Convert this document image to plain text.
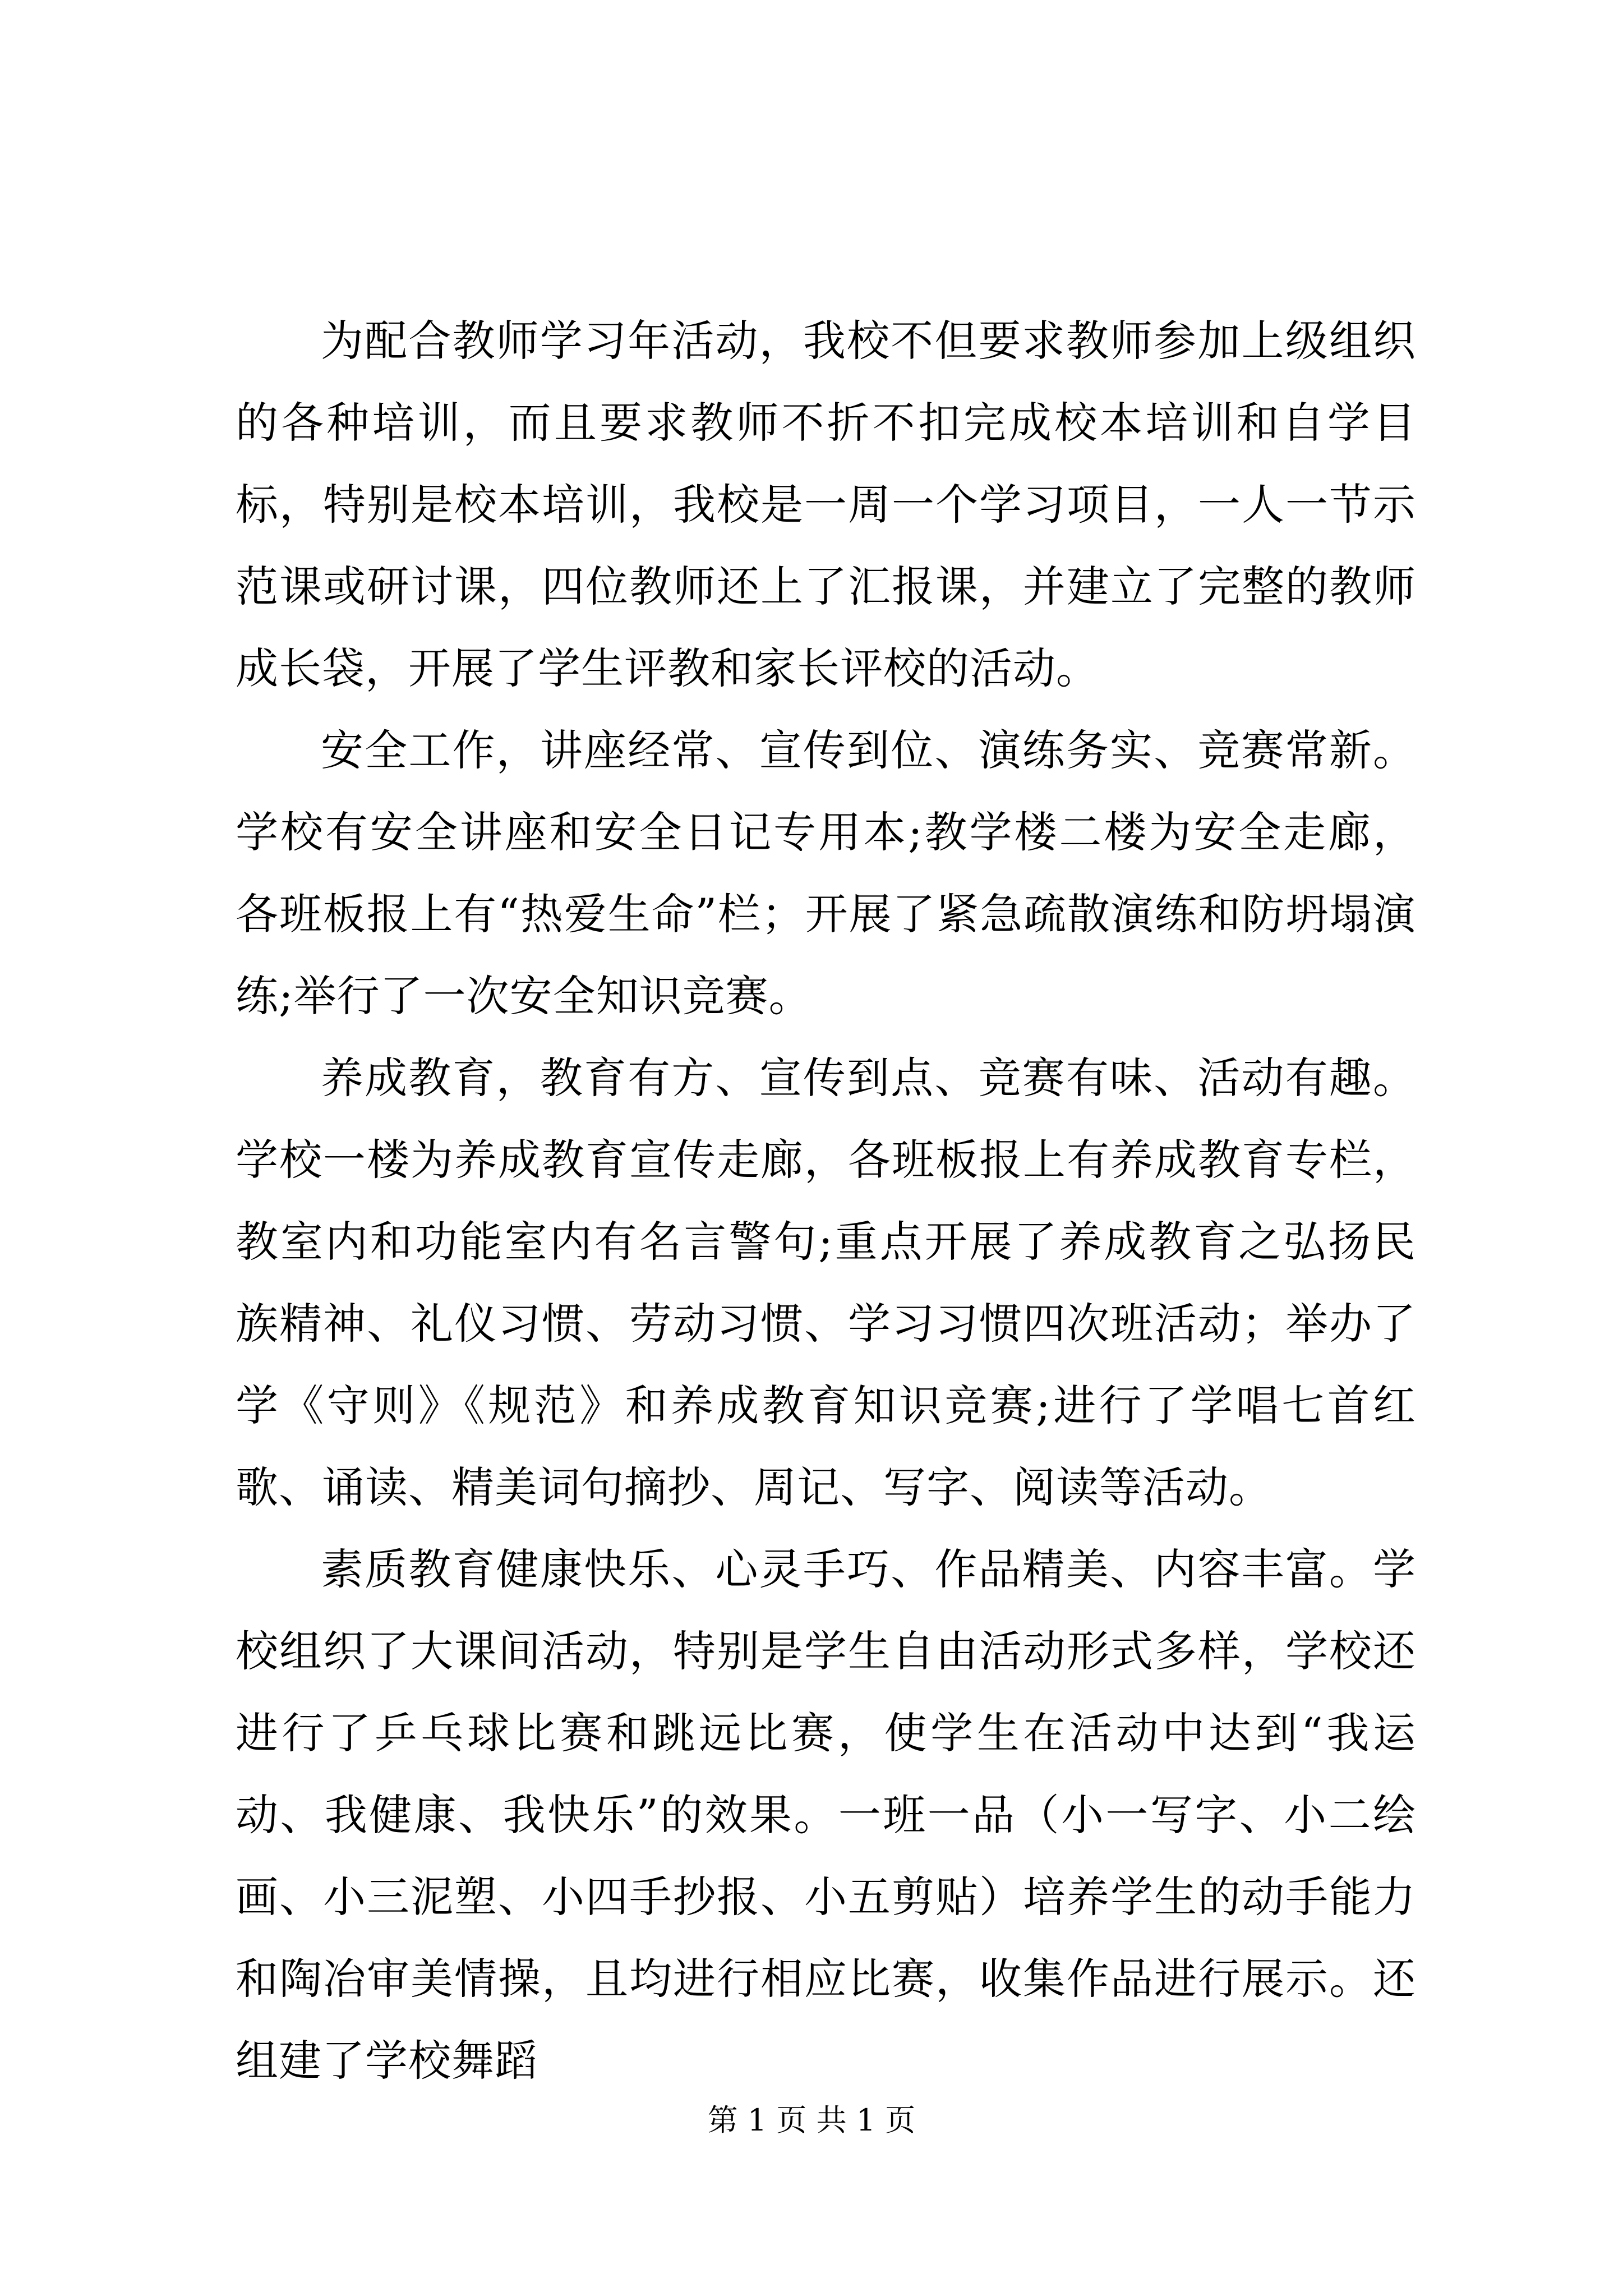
为配合教师学习年活动，我校不但要求教师参加上级组织的各种培训，而且要求教师不折不扣完成校本培训和自学目标，特别是校本培训，我校是一周一个学习项目，一人一节示范课或研讨课，四位教师还上了汇报课，并建立了完整的教师成长袋，开展了学生评教和家长评校的活动。

安全工作，讲座经常、宣传到位、演练务实、竞赛常新。学校有安全讲座和安全日记专用本;教学楼二楼为安全走廊，各班板报上有“热爱生命”栏；开展了紧急疏散演练和防坍塌演练;举行了一次安全知识竞赛。

养成教育，教育有方、宣传到点、竞赛有味、活动有趣。学校一楼为养成教育宣传走廊，各班板报上有养成教育专栏，教室内和功能室内有名言警句;重点开展了养成教育之弘扬民族精神、礼仪习惯、劳动习惯、学习习惯四次班活动；举办了学《守则》《规范》和养成教育知识竞赛;进行了学唱七首红歌、诵读、精美词句摘抄、周记、写字、阅读等活动。

素质教育健康快乐、心灵手巧、作品精美、内容丰富。学校组织了大课间活动，特别是学生自由活动形式多样，学校还进行了乒乓球比赛和跳远比赛，使学生在活动中达到“我运动、我健康、我快乐”的效果。一班一品（小一写字、小二绘画、小三泥塑、小四手抄报、小五剪贴）培养学生的动手能力和陶冶审美情操，且均进行相应比赛，收集作品进行展示。还组建了学校舞蹈

第 1 页 共 1 页
